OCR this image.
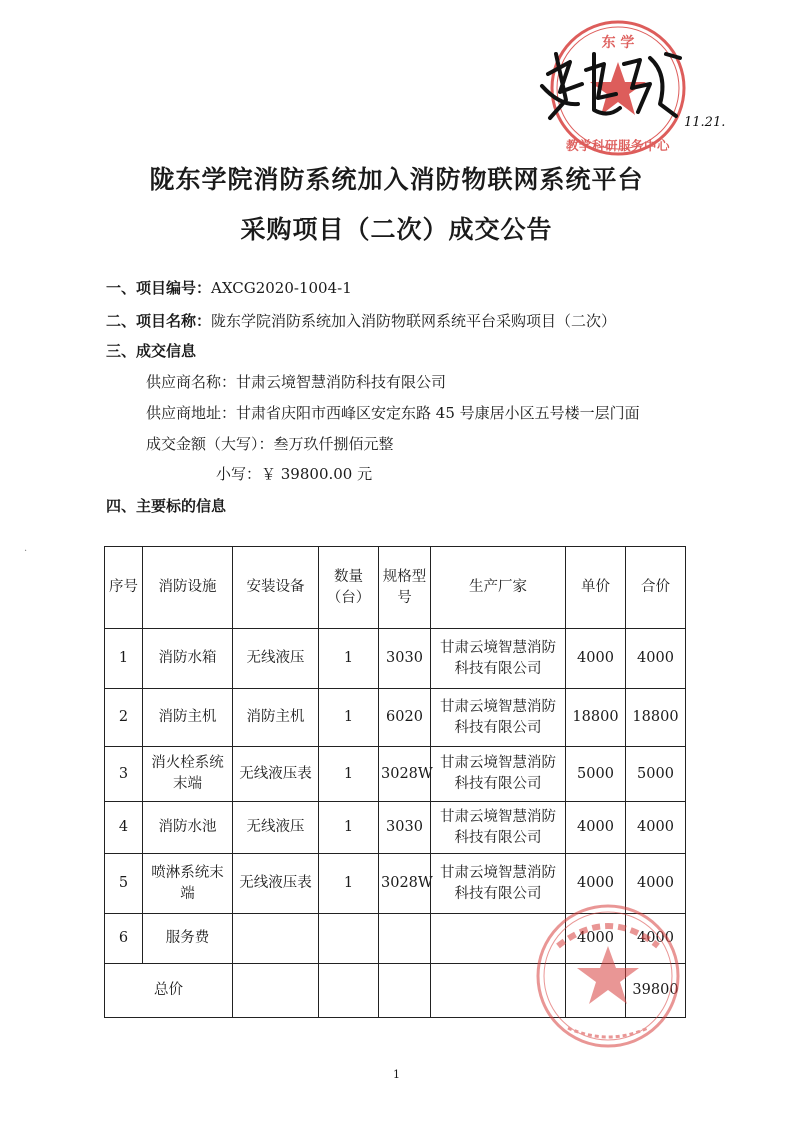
东 学
教学科研服务中心
11.21.
陇东学院消防系统加入消防物联网系统平台
采购项目（二次）成交公告
一、项目编号：AXCG2020-1004-1
二、项目名称：陇东学院消防系统加入消防物联网系统平台采购项目（二次）
三、成交信息
供应商名称：甘肃云境智慧消防科技有限公司
供应商地址：甘肃省庆阳市西峰区安定东路 45 号康居小区五号楼一层门面
成交金额（大写）：叁万玖仟捌佰元整
小写：￥ 39800.00 元
四、主要标的信息
序号	消防设施	安装设备	数量（台）	规格型号	生产厂家	单价	合价
1	消防水箱	无线液压	1	3030	甘肃云境智慧消防科技有限公司	4000	4000
2	消防主机	消防主机	1	6020	甘肃云境智慧消防科技有限公司	18800	18800
3	消火栓系统末端	无线液压表	1	3028W	甘肃云境智慧消防科技有限公司	5000	5000
4	消防水池	无线液压	1	3030	甘肃云境智慧消防科技有限公司	4000	4000
5	喷淋系统末端	无线液压表	1	3028W	甘肃云境智慧消防科技有限公司	4000	4000
6	服务费					4000	4000
总价							39800
·
1
